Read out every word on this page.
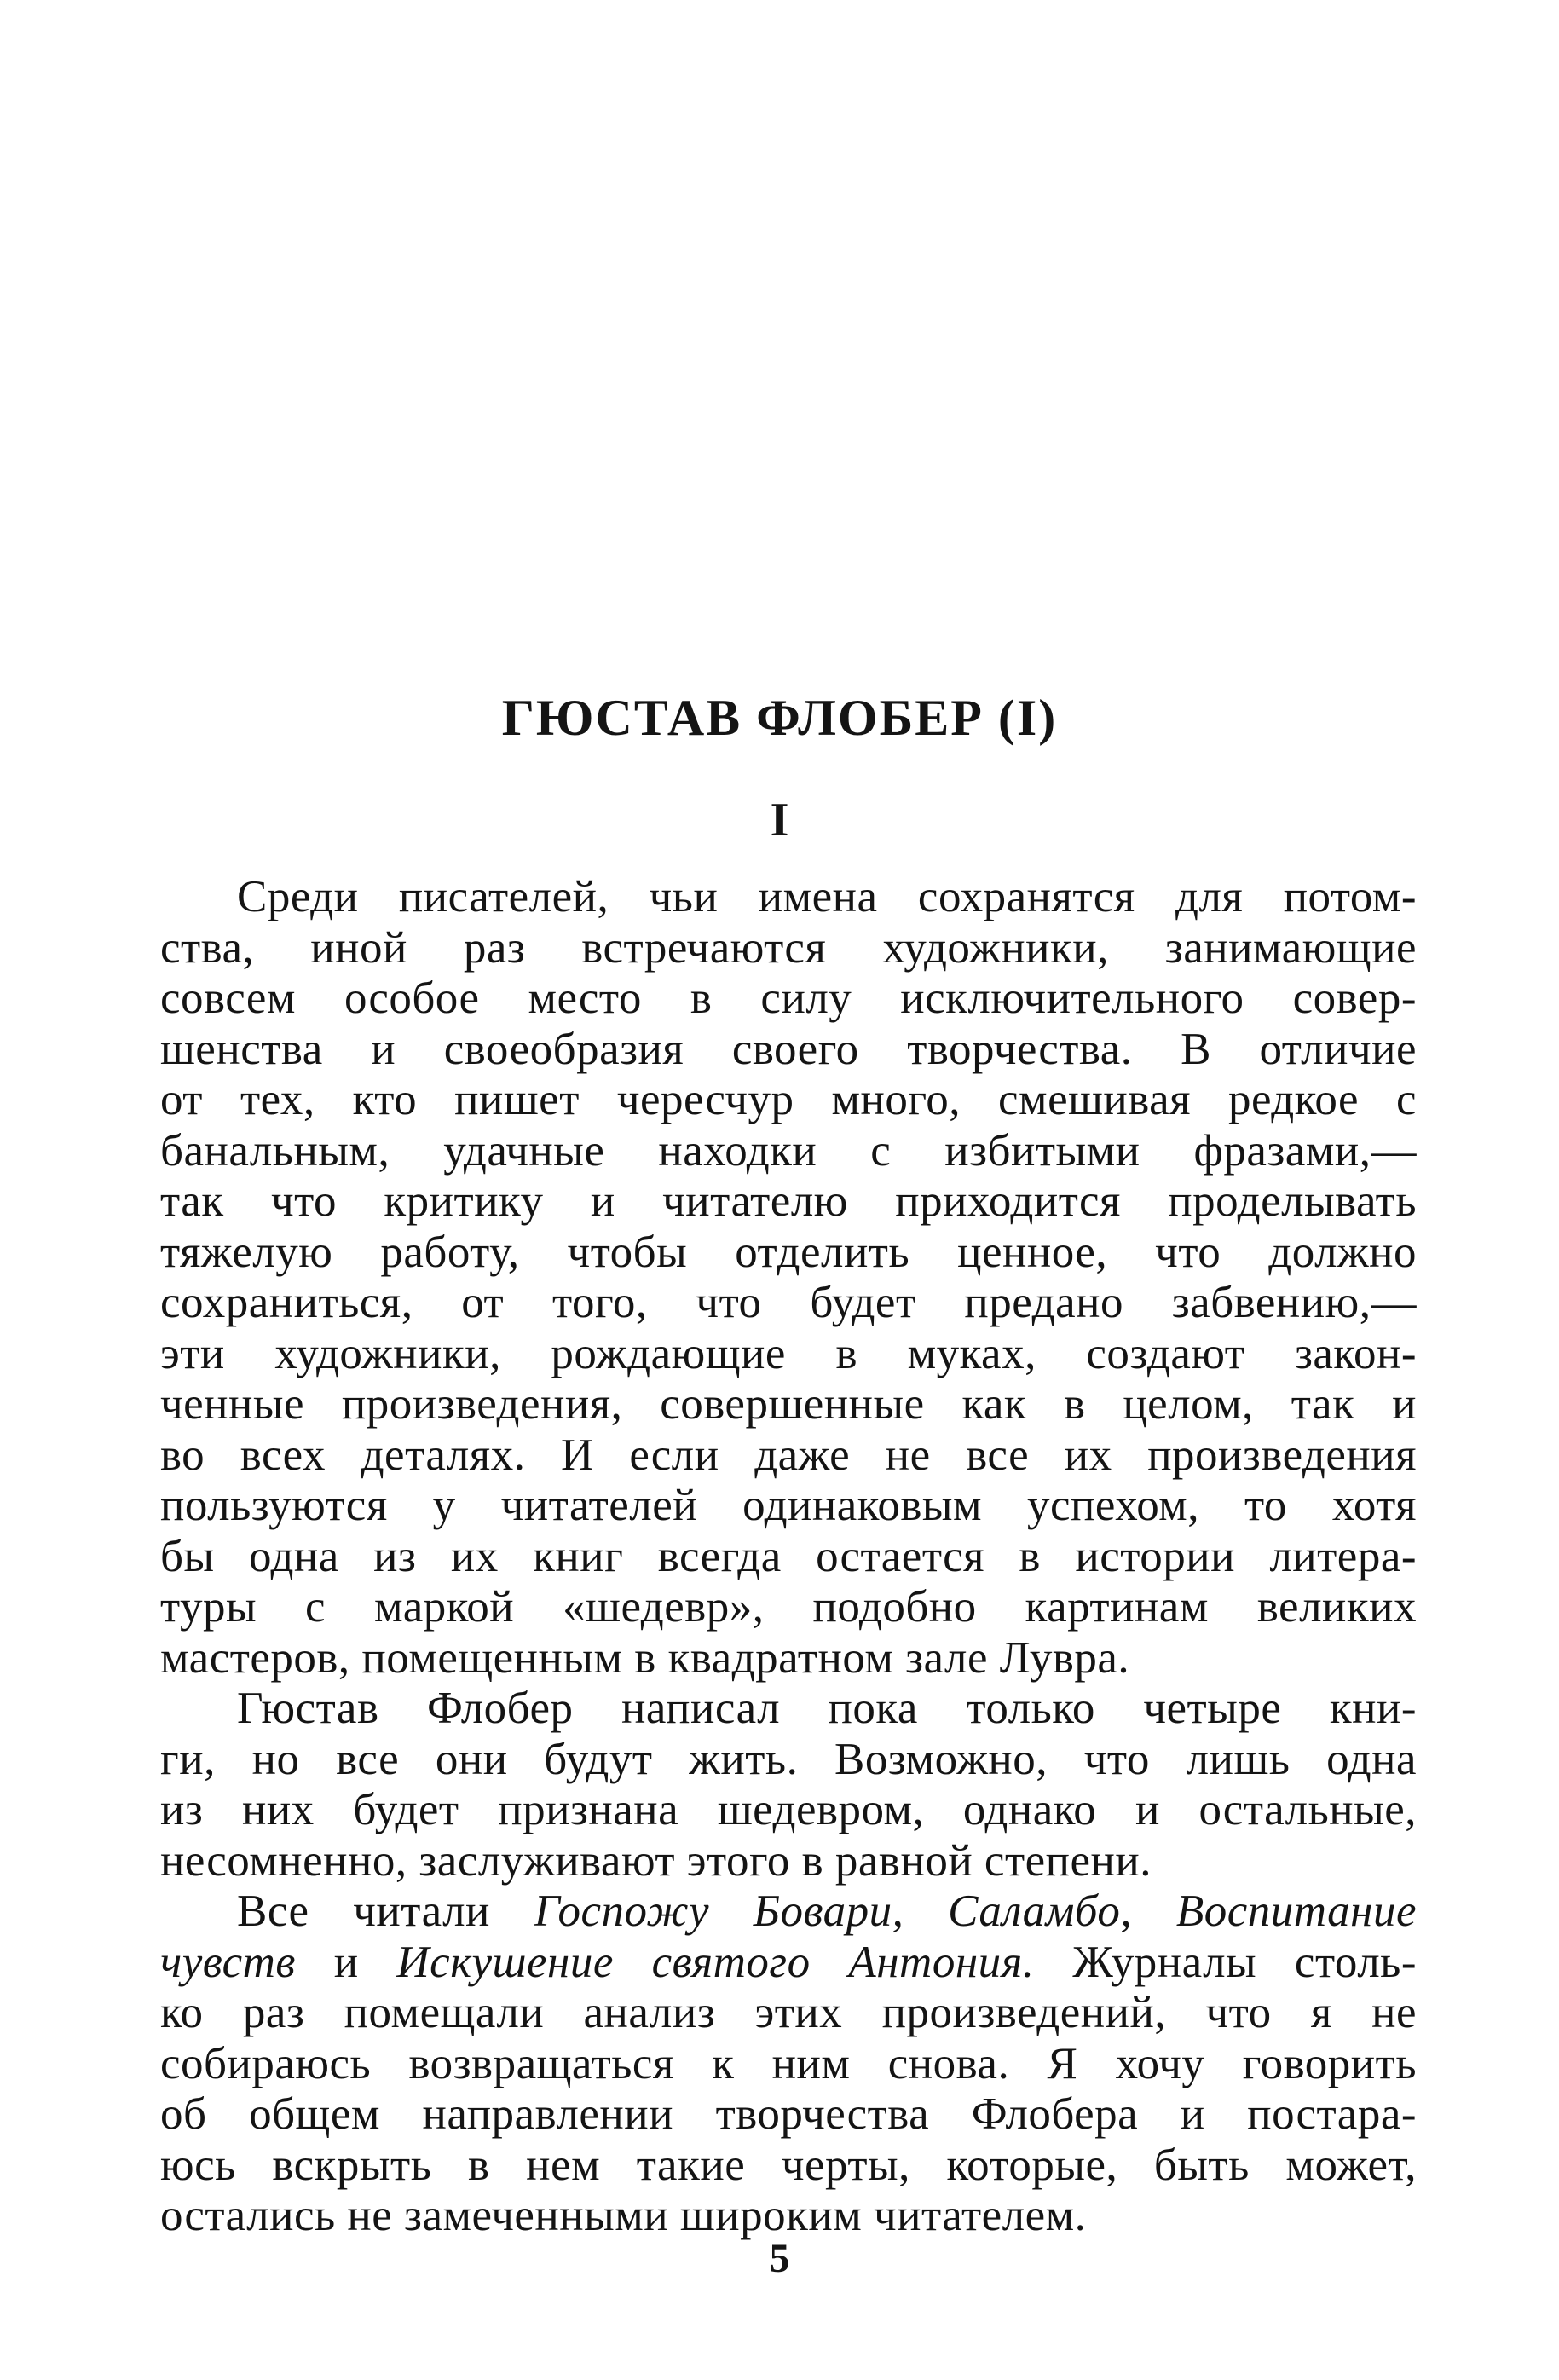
ГЮСТАВ ФЛОБЕР (I)
I
Среди писателей, чьи имена сохранятся для потом-
ства, иной раз встречаются художники, занимающие
совсем особое место в силу исключительного совер-
шенства и своеобразия своего творчества. В отличие
от тех, кто пишет чересчур много, смешивая редкое с
банальным, удачные находки с избитыми фразами,—
так что критику и читателю приходится проделывать
тяжелую работу, чтобы отделить ценное, что должно
сохраниться, от того, что будет предано забвению,—
эти художники, рождающие в муках, создают закон-
ченные произведения, совершенные как в целом, так и
во всех деталях. И если даже не все их произведения
пользуются у читателей одинаковым успехом, то хотя
бы одна из их книг всегда остается в истории литера-
туры с маркой «шедевр», подобно картинам великих
мастеров, помещенным в квадратном зале Лувра.
Гюстав Флобер написал пока только четыре кни-
ги, но все они будут жить. Возможно, что лишь одна
из них будет признана шедевром, однако и остальные,
несомненно, заслуживают этого в равной степени.
Все читали Госпожу Бовари, Саламбо, Воспитание
чувств и Искушение святого Антония. Журналы столь-
ко раз помещали анализ этих произведений, что я не
собираюсь возвращаться к ним снова. Я хочу говорить
об общем направлении творчества Флобера и постара-
юсь вскрыть в нем такие черты, которые, быть может,
остались не замеченными широким читателем.
5
